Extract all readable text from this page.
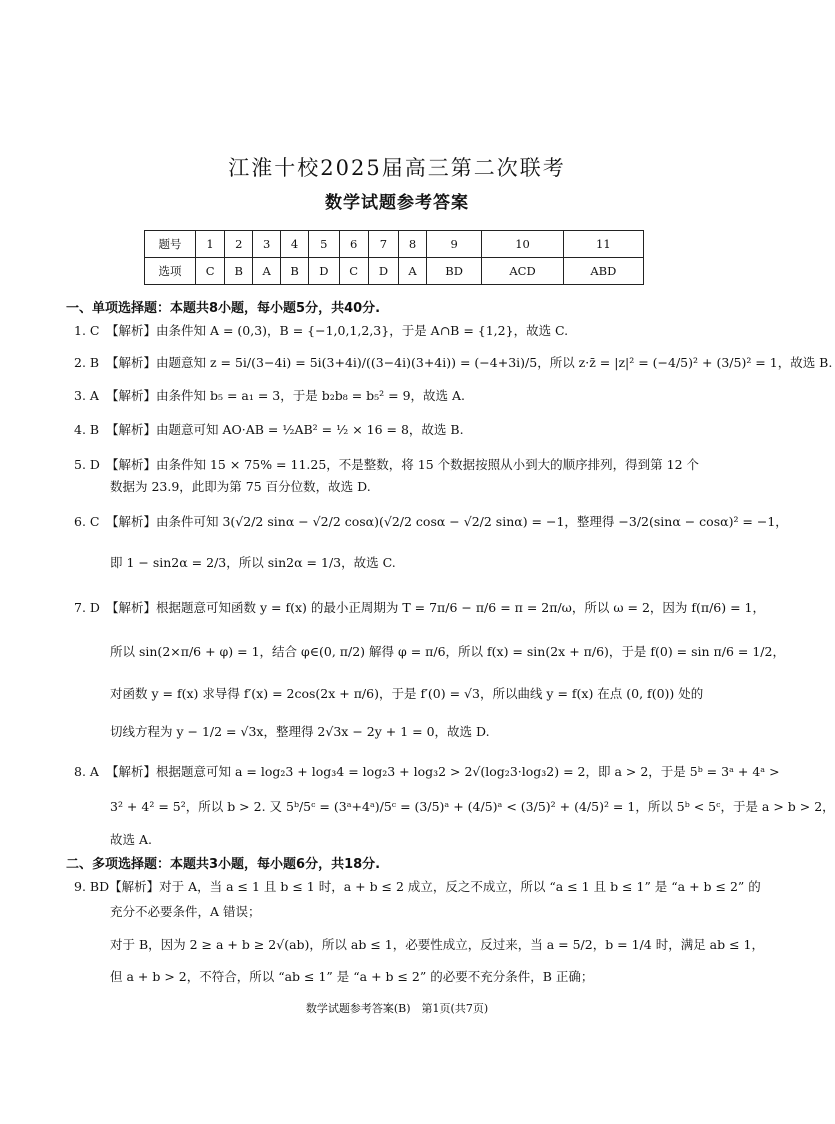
江淮十校2025届高三第二次联考
数学试题参考答案
题号	1	2	3	4	5	6	7	8	9	10	11
选项	C	B	A	B	D	C	D	A	BD	ACD	ABD
一、单项选择题：本题共8小题，每小题5分，共40分.
1. C 【解析】由条件知 A = (0,3)，B = {−1,0,1,2,3}，于是 A∩B = {1,2}，故选 C.
2. B 【解析】由题意知 z = 5i/(3−4i) = 5i(3+4i)/((3−4i)(3+4i)) = (−4+3i)/5，所以 z·z̄ = |z|² = (−4/5)² + (3/5)² = 1，故选 B.
3. A 【解析】由条件知 b₅ = a₁ = 3，于是 b₂b₈ = b₅² = 9，故选 A.
4. B 【解析】由题意可知 AO·AB = ½AB² = ½ × 16 = 8，故选 B.
5. D 【解析】由条件知 15 × 75% = 11.25，不是整数，将 15 个数据按照从小到大的顺序排列，得到第 12 个
数据为 23.9，此即为第 75 百分位数，故选 D.
6. C 【解析】由条件可知 3(√2/2 sinα − √2/2 cosα)(√2/2 cosα − √2/2 sinα) = −1，整理得 −3/2(sinα − cosα)² = −1，
即 1 − sin2α = 2/3，所以 sin2α = 1/3，故选 C.
7. D 【解析】根据题意可知函数 y = f(x) 的最小正周期为 T = 7π/6 − π/6 = π = 2π/ω，所以 ω = 2，因为 f(π/6) = 1，
所以 sin(2×π/6 + φ) = 1，结合 φ∈(0, π/2) 解得 φ = π/6，所以 f(x) = sin(2x + π/6)，于是 f(0) = sin π/6 = 1/2，
对函数 y = f(x) 求导得 f′(x) = 2cos(2x + π/6)，于是 f′(0) = √3，所以曲线 y = f(x) 在点 (0, f(0)) 处的
切线方程为 y − 1/2 = √3x，整理得 2√3x − 2y + 1 = 0，故选 D.
8. A 【解析】根据题意可知 a = log₂3 + log₃4 = log₂3 + log₃2 > 2√(log₂3·log₃2) = 2，即 a > 2，于是 5ᵇ = 3ᵃ + 4ᵃ >
3² + 4² = 5²，所以 b > 2. 又 5ᵇ/5ᶜ = (3ᵃ+4ᵃ)/5ᶜ = (3/5)ᵃ + (4/5)ᵃ < (3/5)² + (4/5)² = 1，所以 5ᵇ < 5ᶜ，于是 a > b > 2，
故选 A.
二、多项选择题：本题共3小题，每小题6分，共18分.
9. BD【解析】对于 A，当 a ≤ 1 且 b ≤ 1 时，a + b ≤ 2 成立，反之不成立，所以 “a ≤ 1 且 b ≤ 1” 是 “a + b ≤ 2” 的
充分不必要条件，A 错误；
对于 B，因为 2 ≥ a + b ≥ 2√(ab)，所以 ab ≤ 1，必要性成立，反过来，当 a = 5/2，b = 1/4 时，满足 ab ≤ 1，
但 a + b > 2，不符合，所以 “ab ≤ 1” 是 “a + b ≤ 2” 的必要不充分条件，B 正确；
数学试题参考答案(B)　第1页(共7页)
